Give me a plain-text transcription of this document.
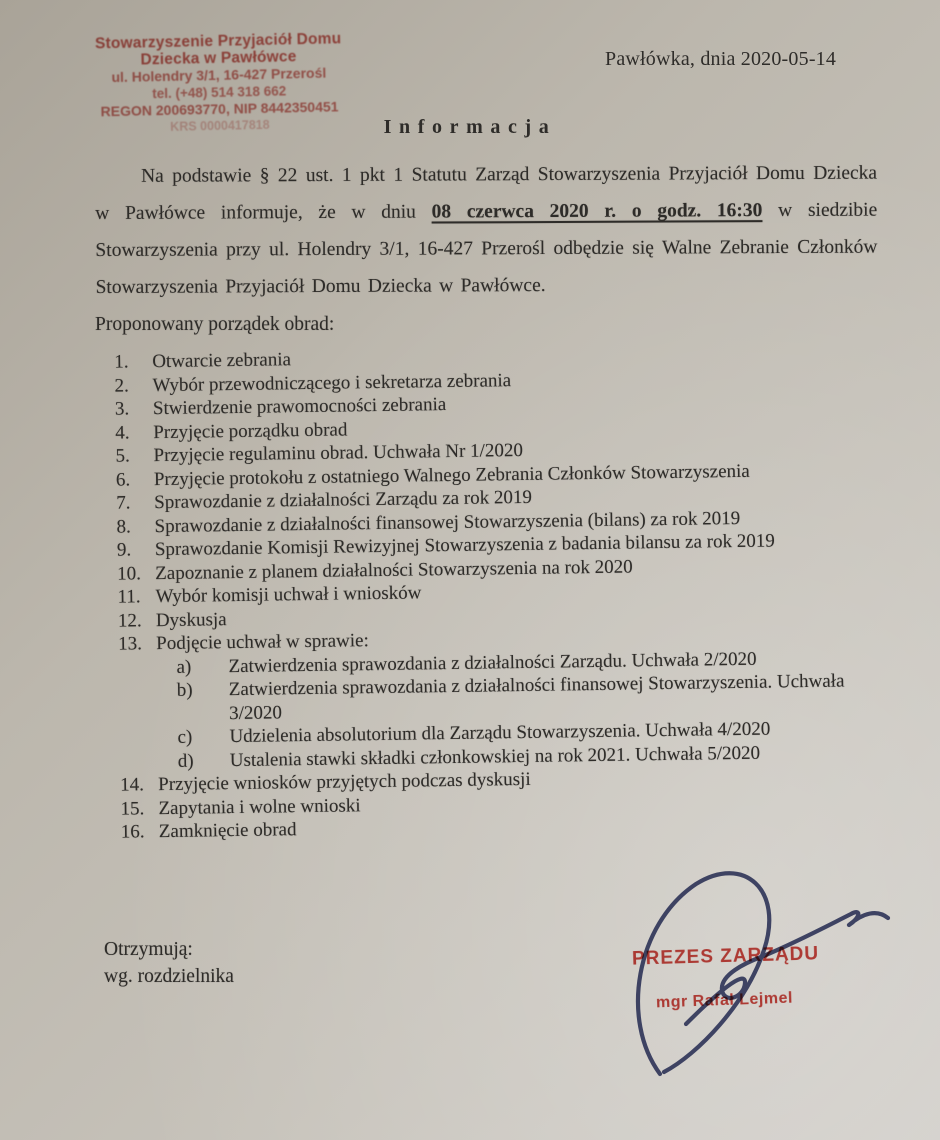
Stowarzyszenie Przyjaciół Domu
Dziecka w Pawłówce
ul. Holendry 3/1, 16-427 Przerośl
tel. (+48) 514 318 662
REGON 200693770, NIP 8442350451
KRS 0000417818
Pawłówka, dnia 2020-05-14
Informacja

Na podstawie § 22 ust. 1 pkt 1 Statutu Zarząd Stowarzyszenia Przyjaciół Domu Dziecka w Pawłówce informuje, że w dniu 08 czerwca 2020 r. o godz. 16:30 w siedzibie Stowarzyszenia przy ul. Holendry 3/1, 16-427 Przerośl odbędzie się Walne Zebranie Członków Stowarzyszenia Przyjaciół Domu Dziecka w Pawłówce.

Proponowany porządek obrad:

1.	Otwarcie zebrania
2.	Wybór przewodniczącego i sekretarza zebrania
3.	Stwierdzenie prawomocności zebrania
4.	Przyjęcie porządku obrad
5.	Przyjęcie regulaminu obrad. Uchwała Nr 1/2020
6.	Przyjęcie protokołu z ostatniego Walnego Zebrania Członków Stowarzyszenia
7.	Sprawozdanie z działalności Zarządu za rok 2019
8.	Sprawozdanie z działalności finansowej Stowarzyszenia (bilans) za rok 2019
9.	Sprawozdanie Komisji Rewizyjnej Stowarzyszenia z badania bilansu za rok 2019
10. Zapoznanie z planem działalności Stowarzyszenia na rok 2020
11. Wybór komisji uchwał i wniosków
12. Dyskusja
13. Podjęcie uchwał w sprawie:
a)	Zatwierdzenia sprawozdania z działalności Zarządu. Uchwała 2/2020
b)	Zatwierdzenia sprawozdania z działalności finansowej Stowarzyszenia. Uchwała 3/2020
c)	Udzielenia absolutorium dla Zarządu Stowarzyszenia. Uchwała 4/2020
d)	Ustalenia stawki składki członkowskiej na rok 2021. Uchwała 5/2020
14. Przyjęcie wniosków przyjętych podczas dyskusji
15. Zapytania i wolne wnioski
16. Zamknięcie obrad
Otrzymują:
wg. rozdzielnika
PREZES ZARZĄDU
mgr Rafał Lejmel
